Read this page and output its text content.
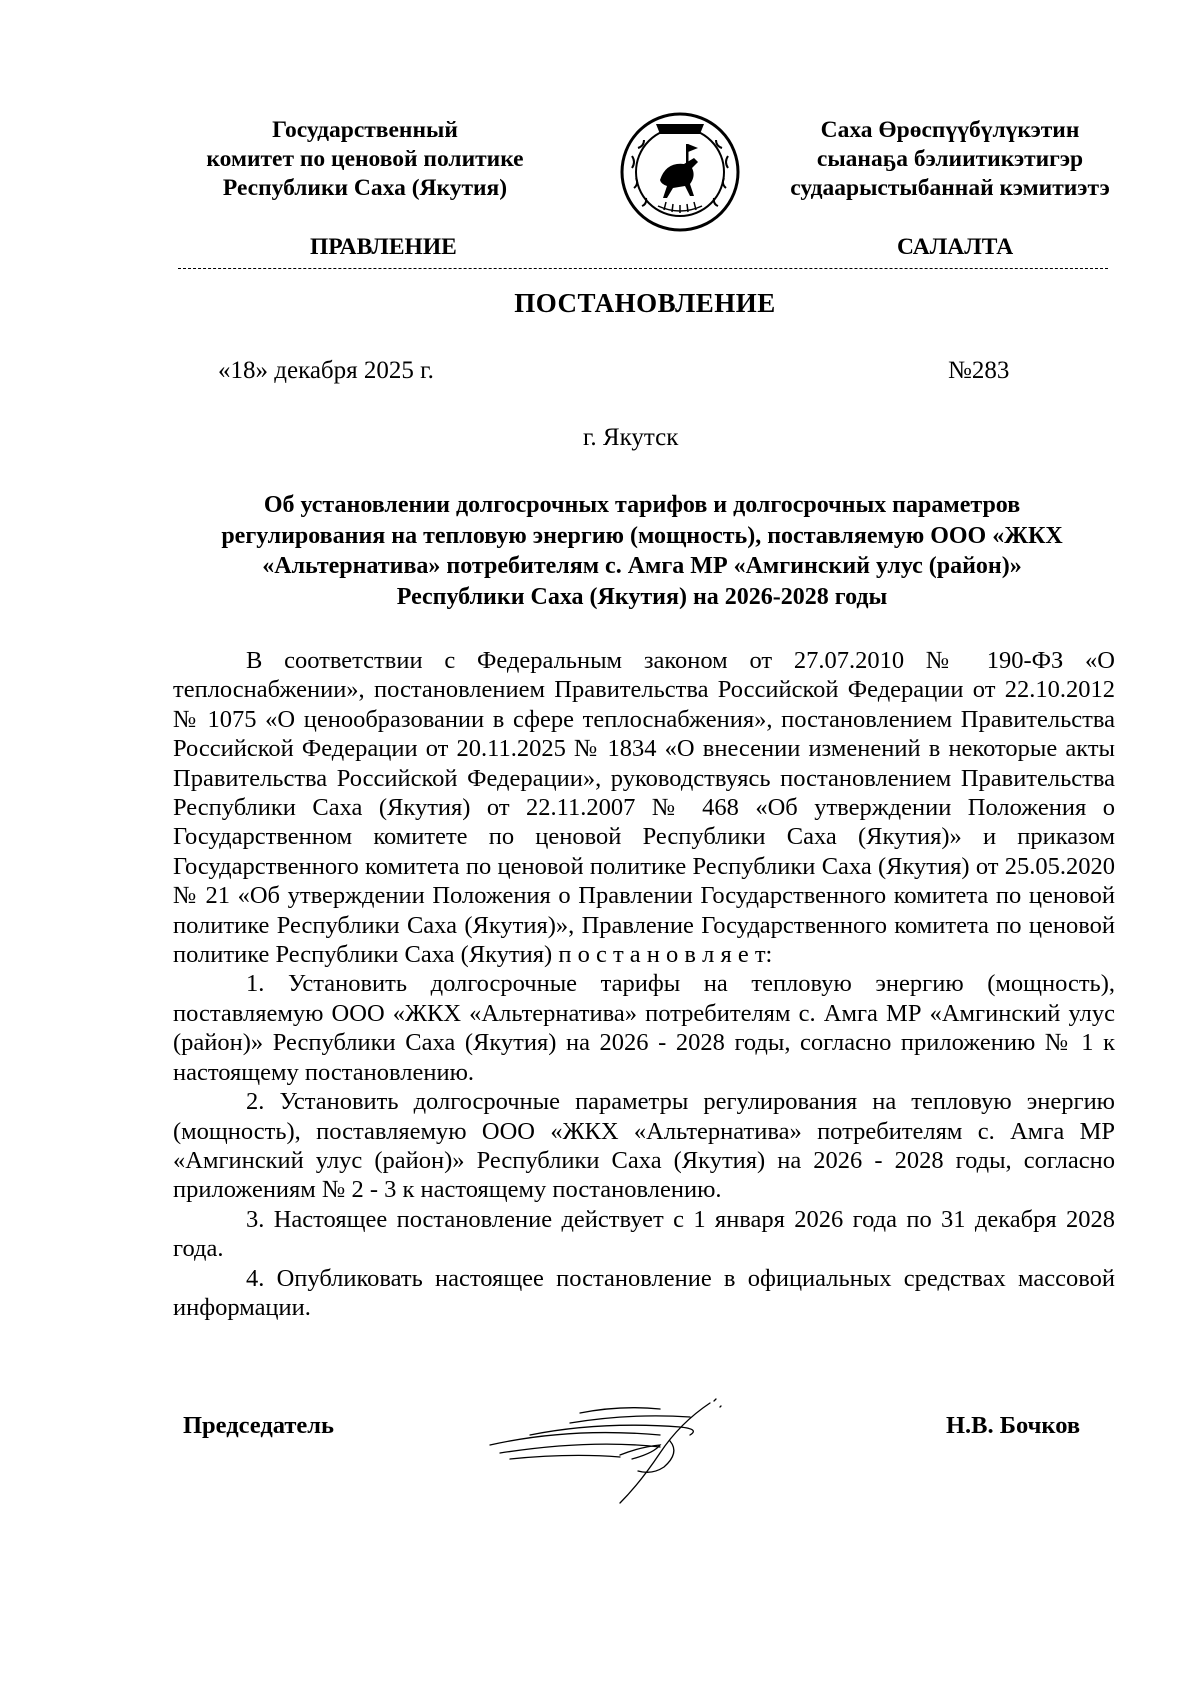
Государственный
комитет по ценовой политике
Республики Саха (Якутия)
Саха Өрөспүүбүлүкэтин
сыанаҕа бэлиитикэтигэр
судаарыстыбаннай кэмитиэтэ
ПРАВЛЕНИЕ	САЛАЛТА
ПОСТАНОВЛЕНИЕ
«18» декабря 2025 г.	№283
г. Якутск
Об установлении долгосрочных тарифов и долгосрочных параметров
регулирования на тепловую энергию (мощность), поставляемую ООО «ЖКХ
«Альтернатива» потребителям с. Амга МР «Амгинский улус (район)»
Республики Саха (Якутия) на 2026-2028 годы

В соответствии с Федеральным законом от 27.07.2010 № 190-ФЗ «О теплоснабжении», постановлением Правительства Российской Федерации от 22.10.2012 № 1075 «О ценообразовании в сфере теплоснабжения», постановлением Правительства Российской Федерации от 20.11.2025 № 1834 «О внесении изменений в некоторые акты Правительства Российской Федерации», руководствуясь постановлением Правительства Республики Саха (Якутия) от 22.11.2007 № 468 «Об утверждении Положения о Государственном комитете по ценовой Республики Саха (Якутия)» и приказом Государственного комитета по ценовой политике Республики Саха (Якутия) от 25.05.2020 № 21 «Об утверждении Положения о Правлении Государственного комитета по ценовой политике Республики Саха (Якутия)», Правление Государственного комитета по ценовой политике Республики Саха (Якутия) п о с т а н о в л я е т:

1. Установить долгосрочные тарифы на тепловую энергию (мощность), поставляемую ООО «ЖКХ «Альтернатива» потребителям с. Амга МР «Амгинский улус (район)» Республики Саха (Якутия) на 2026 - 2028 годы, согласно приложению № 1 к настоящему постановлению.

2. Установить долгосрочные параметры регулирования на тепловую энергию (мощность), поставляемую ООО «ЖКХ «Альтернатива» потребителям с. Амга МР «Амгинский улус (район)» Республики Саха (Якутия) на 2026 - 2028 годы, согласно приложениям № 2 - 3 к настоящему постановлению.

3. Настоящее постановление действует с 1 января 2026 года по 31 декабря 2028 года.

4. Опубликовать настоящее постановление в официальных средствах массовой информации.

Председатель	Н.В. Бочков
